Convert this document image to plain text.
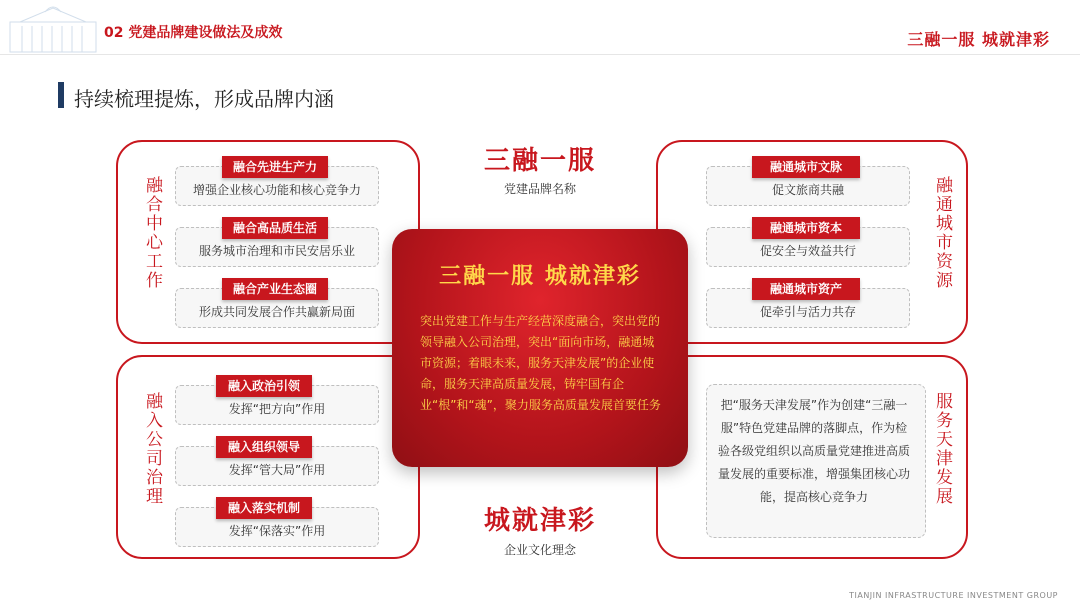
02 党建品牌建设做法及成效	三融一服 城就津彩
持续梳理提炼，形成品牌内涵
融合中心工作	增强企业核心功能和核心竞争力
融合先进生产力
服务城市治理和市民安居乐业
融合高品质生活
形成共同发展合作共赢新局面
融合产业生态圈
融入公司治理	发挥“把方向”作用
融入政治引领
发挥“管大局”作用
融入组织领导
发挥“保落实”作用
融入落实机制
融通城市资源
促文旅商共融
融通城市文脉
促安全与效益共行
融通城市资本
促牵引与活力共存
融通城市资产
服务天津发展
把“服务天津发展”作为创建“三融一服”特色党建品牌的落脚点，作为检验各级党组织以高质量党建推进高质量发展的重要标准，增强集团核心功能，提高核心竞争力
三融一服
党建品牌名称
城就津彩
企业文化理念
三融一服 城就津彩
突出党建工作与生产经营深度融合，突出党的领导融入公司治理，突出“面向市场，融通城市资源；着眼未来，服务天津发展”的企业使命，服务天津高质量发展，铸牢国有企业“根”和“魂”，聚力服务高质量发展首要任务
TIANJIN INFRASTRUCTURE INVESTMENT GROUP
